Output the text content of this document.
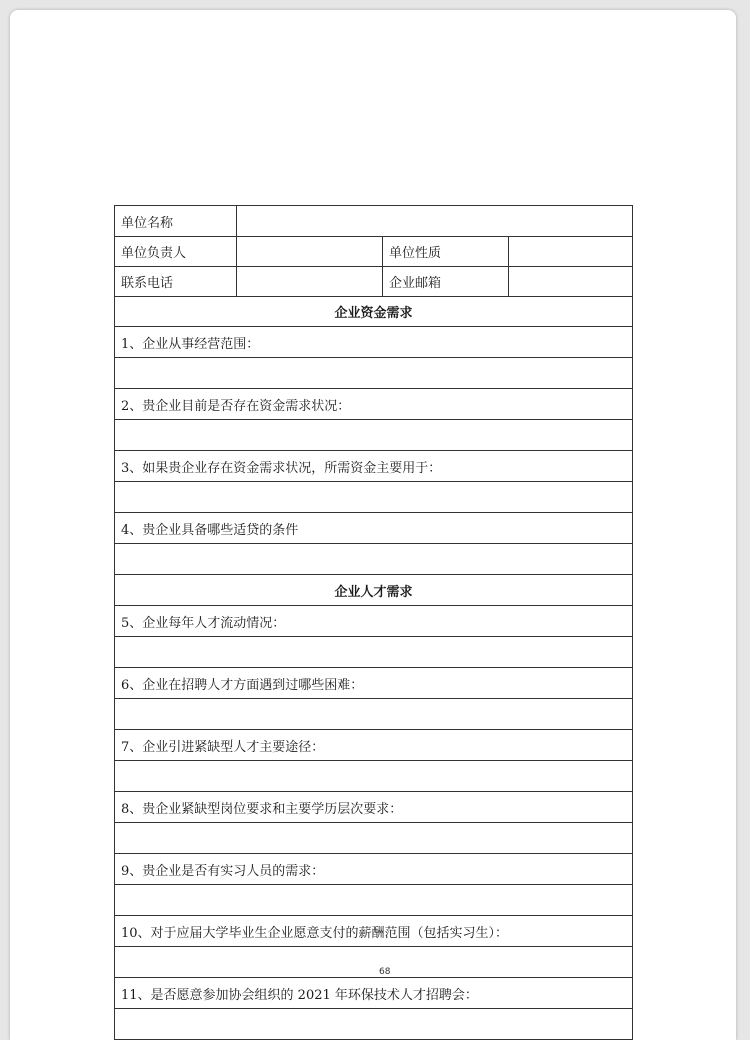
单位名称			
单位负责人		单位性质	
联系电话		企业邮箱	
企业资金需求			
1、企业从事经营范围：			

2、贵企业目前是否存在资金需求状况：			

3、如果贵企业存在资金需求状况，所需资金主要用于：			

4、贵企业具备哪些适贷的条件			

企业人才需求			
5、企业每年人才流动情况：			

6、企业在招聘人才方面遇到过哪些困难：			

7、企业引进紧缺型人才主要途径：			

8、贵企业紧缺型岗位要求和主要学历层次要求：			

9、贵企业是否有实习人员的需求：			

10、对于应届大学毕业生企业愿意支付的薪酬范围（包括实习生）：			

11、是否愿意参加协会组织的 2021 年环保技术人才招聘会：			

68
